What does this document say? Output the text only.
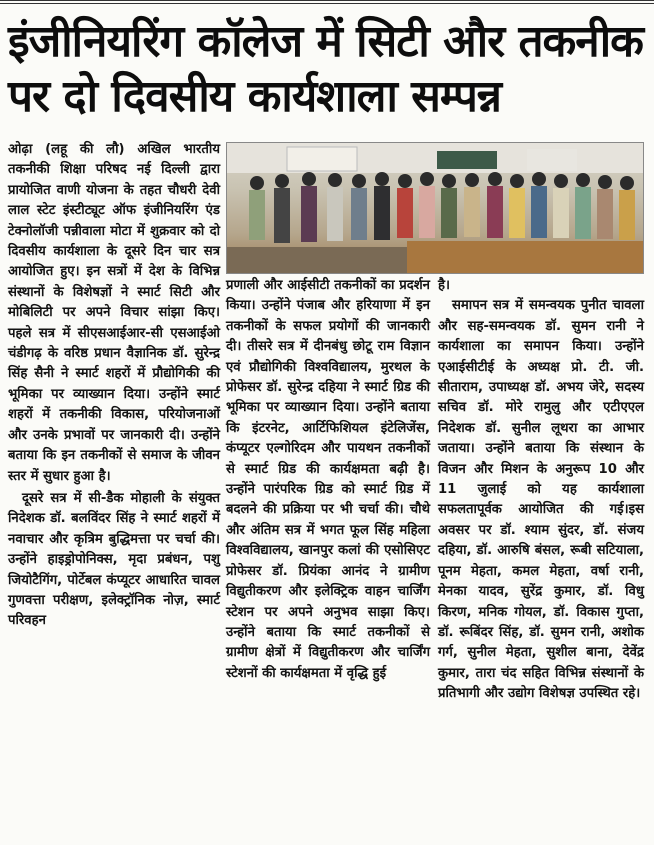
इंजीनियरिंग कॉलेज में सिटी और तकनीक
पर दो दिवसीय कार्यशाला सम्पन्न

ओढ़ा (लहू की लौ) अखिल भारतीय तकनीकी शिक्षा परिषद नई दिल्ली द्वारा प्रायोजित वाणी योजना के तहत चौधरी देवी लाल स्टेट इंस्टीट्यूट ऑफ इंजीनियरिंग एंड टेक्नोलॉजी पन्नीवाला मोटा में शुक्रवार को दो दिवसीय कार्यशाला के दूसरे दिन चार सत्र आयोजित हुए। इन सत्रों में देश के विभिन्न संस्थानों के विशेषज्ञों ने स्मार्ट सिटी और मोबिलिटी पर अपने विचार सांझा किए। पहले सत्र में सीएसआईआर-सी एसआईओ चंडीगढ़ के वरिष्ठ प्रधान वैज्ञानिक डॉ. सुरेन्द्र सिंह सैनी ने स्मार्ट शहरों में प्रौद्योगिकी की भूमिका पर व्याख्यान दिया। उन्होंने स्मार्ट शहरों में तकनीकी विकास, परियोजनाओं और उनके प्रभावों पर जानकारी दी। उन्होंने बताया कि इन तकनीकों से समाज के जीवन स्तर में सुधार हुआ है।

दूसरे सत्र में सी-डैक मोहाली के संयुक्त निदेशक डॉ. बलविंदर सिंह ने स्मार्ट शहरों में नवाचार और कृत्रिम बुद्धिमत्ता पर चर्चा की। उन्होंने हाइड्रोपोनिक्स, मृदा प्रबंधन, पशु जियोटैगिंग, पोर्टेबल कंप्यूटर आधारित चावल गुणवत्ता परीक्षण, इलेक्ट्रॉनिक नोज़, स्मार्ट परिवहन

प्रणाली और आईसीटी तकनीकों का प्रदर्शन किया। उन्होंने पंजाब और हरियाणा में इन तकनीकों के सफल प्रयोगों की जानकारी दी। तीसरे सत्र में दीनबंधु छोटू राम विज्ञान एवं प्रौद्योगिकी विश्वविद्यालय, मुरथल के प्रोफेसर डॉ. सुरेन्द्र दहिया ने स्मार्ट ग्रिड की भूमिका पर व्याख्यान दिया। उन्होंने बताया कि इंटरनेट, आर्टिफिशियल इंटेलिजेंस, कंप्यूटर एल्गोरिदम और पायथन तकनीकों से स्मार्ट ग्रिड की कार्यक्षमता बढ़ी है। उन्होंने पारंपरिक ग्रिड को स्मार्ट ग्रिड में बदलने की प्रक्रिया पर भी चर्चा की। चौथे और अंतिम सत्र में भगत फूल सिंह महिला विश्वविद्यालय, खानपुर कलां की एसोसिएट प्रोफेसर डॉ. प्रियंका आनंद ने ग्रामीण विद्युतीकरण और इलेक्ट्रिक वाहन चार्जिंग स्टेशन पर अपने अनुभव साझा किए। उन्होंने बताया कि स्मार्ट तकनीकों से ग्रामीण क्षेत्रों में विद्युतीकरण और चार्जिंग स्टेशनों की कार्यक्षमता में वृद्धि हुई

है।

समापन सत्र में समन्वयक पुनीत चावला और सह-समन्वयक डॉ. सुमन रानी ने कार्यशाला का समापन किया। उन्होंने एआईसीटीई के अध्यक्ष प्रो. टी. जी. सीताराम, उपाध्यक्ष डॉ. अभय जेरे, सदस्य सचिव डॉ. मोरे रामुलु और एटीएएल निदेशक डॉ. सुनील लूथरा का आभार जताया। उन्होंने बताया कि संस्थान के विजन और मिशन के अनुरूप 10 और 11 जुलाई को यह कार्यशाला सफलतापूर्वक आयोजित की गई।इस अवसर पर डॉ. श्याम सुंदर, डॉ. संजय दहिया, डॉ. आरुषि बंसल, रूबी सटियाला, पूनम मेहता, कमल मेहता, वर्षा रानी, मेनका यादव, सुरेंद्र कुमार, डॉ. विधु किरण, मनिक गोयल, डॉ. विकास गुप्ता, डॉ. रूबिंदर सिंह, डॉ. सुमन रानी, अशोक गर्ग, सुनील मेहता, सुशील बाना, देवेंद्र कुमार, तारा चंद सहित विभिन्न संस्थानों के प्रतिभागी और उद्योग विशेषज्ञ उपस्थित रहे।
